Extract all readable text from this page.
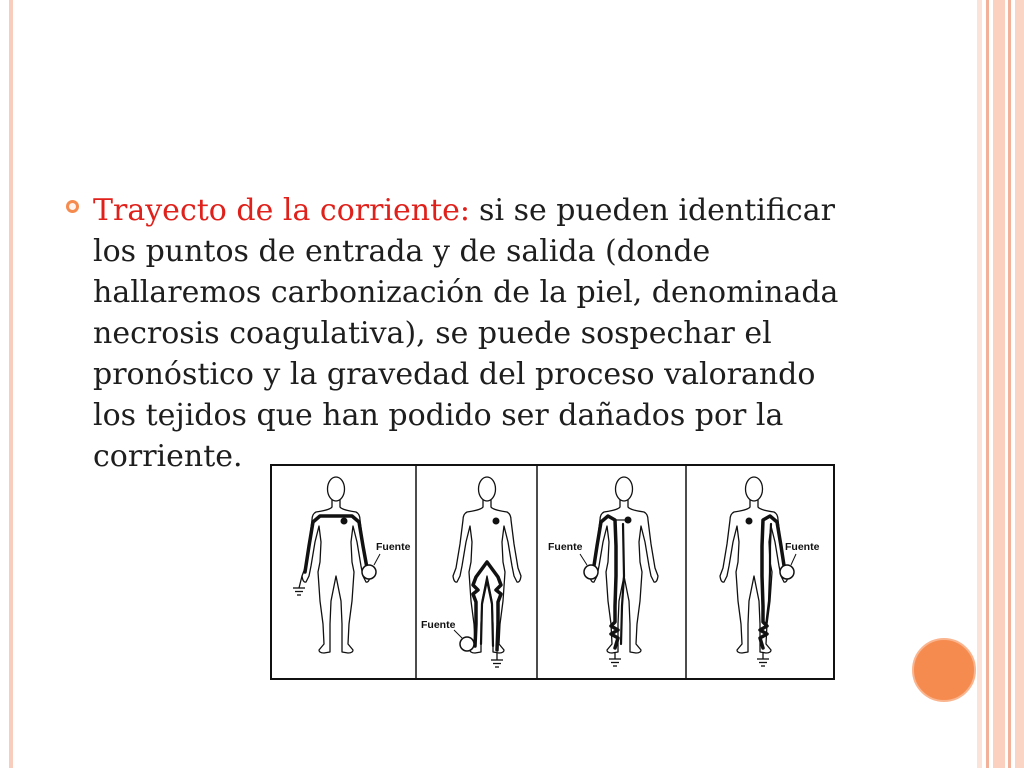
Trayecto de la corriente: si se pueden identificar
los puntos de entrada y de salida (donde
hallaremos carbonización de la piel, denominada
necrosis coagulativa), se puede sospechar el
pronóstico y la gravedad del proceso valorando
los tejidos que han podido ser dañados por la
corriente.
Fuente
Fuente
Fuente	Fuente
